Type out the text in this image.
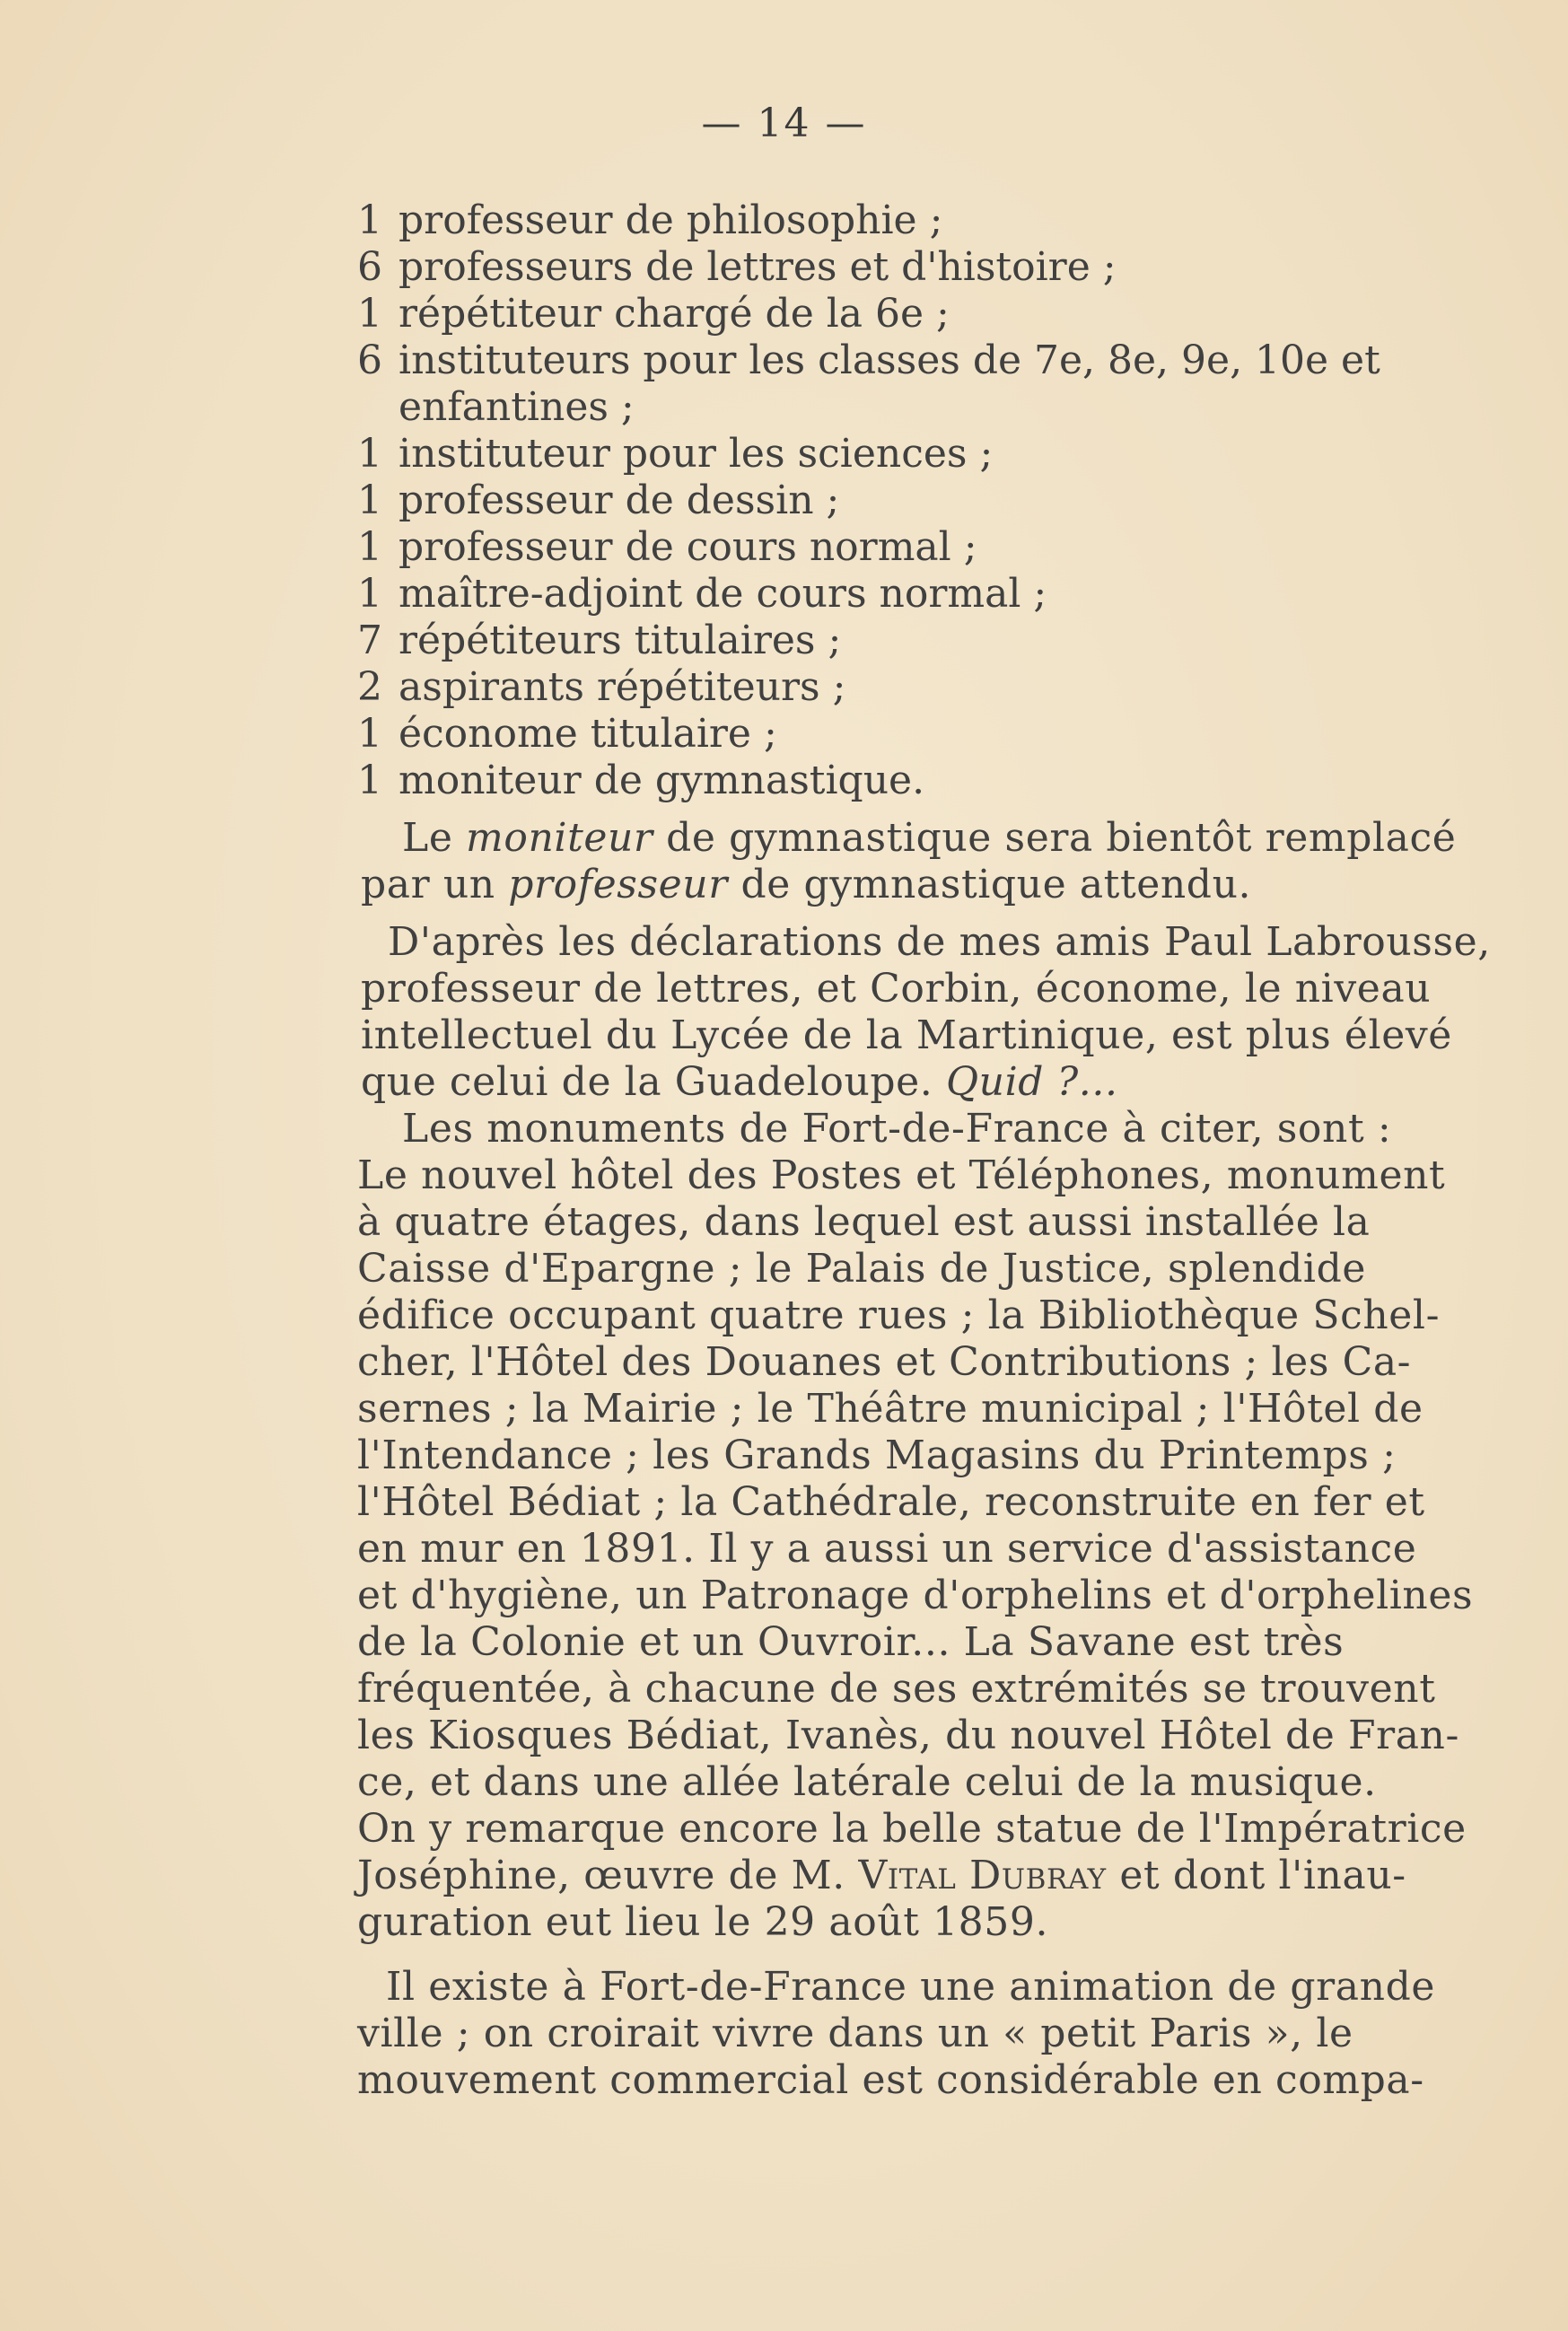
— 14 —
1 professeur de philosophie ;
6 professeurs de lettres et d'histoire ;
1 répétiteur chargé de la 6e ;
6 instituteurs pour les classes de 7e, 8e, 9e, 10e et
enfantines ;
1 instituteur pour les sciences ;
1 professeur de dessin ;
1 professeur de cours normal ;
1 maître-adjoint de cours normal ;
7 répétiteurs titulaires ;
2 aspirants répétiteurs ;
1 économe titulaire ;
1 moniteur de gymnastique.
Le moniteur de gymnastique sera bientôt remplacé
par un professeur de gymnastique attendu.
D'après les déclarations de mes amis Paul Labrousse,
professeur de lettres, et Corbin, économe, le niveau
intellectuel du Lycée de la Martinique, est plus élevé
que celui de la Guadeloupe. Quid ?...
Les monuments de Fort-de-France à citer, sont :
Le nouvel hôtel des Postes et Téléphones, monument
à quatre étages, dans lequel est aussi installée la
Caisse d'Epargne ; le Palais de Justice, splendide
édifice occupant quatre rues ; la Bibliothèque Schel-
cher, l'Hôtel des Douanes et Contributions ; les Ca-
sernes ; la Mairie ; le Théâtre municipal ; l'Hôtel de
l'Intendance ; les Grands Magasins du Printemps ;
l'Hôtel Bédiat ; la Cathédrale, reconstruite en fer et
en mur en 1891. Il y a aussi un service d'assistance
et d'hygiène, un Patronage d'orphelins et d'orphelines
de la Colonie et un Ouvroir... La Savane est très
fréquentée, à chacune de ses extrémités se trouvent
les Kiosques Bédiat, Ivanès, du nouvel Hôtel de Fran-
ce, et dans une allée latérale celui de la musique.
On y remarque encore la belle statue de l'Impératrice
Joséphine, œuvre de M. Vital Dubray et dont l'inau-
guration eut lieu le 29 août 1859.
Il existe à Fort-de-France une animation de grande
ville ; on croirait vivre dans un « petit Paris », le
mouvement commercial est considérable en compa-
